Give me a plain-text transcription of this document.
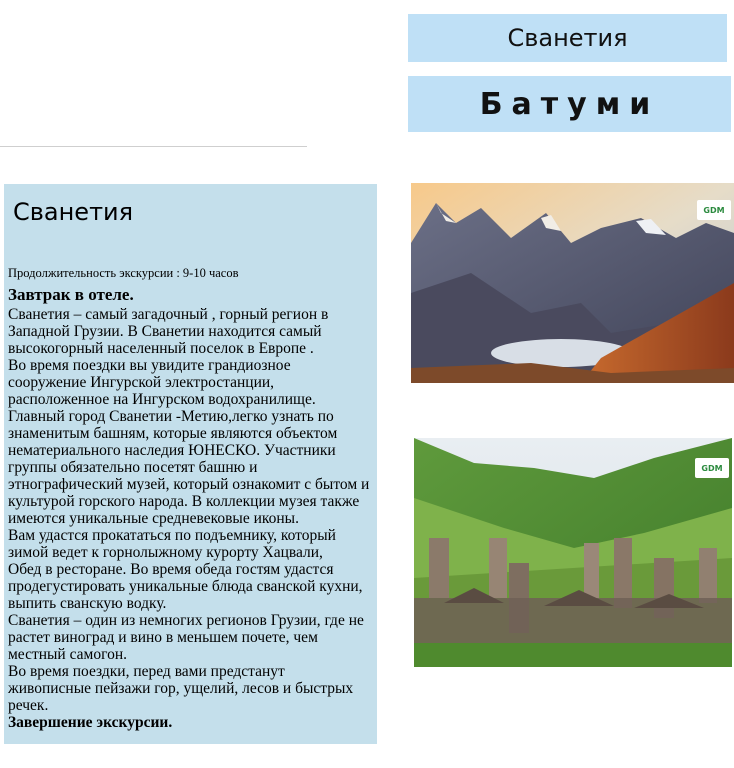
Сванетия
Батуми
Сванетия
Продолжительность экскурсии : 9-10 часов
Завтрак в отеле.
Сванетия – самый загадочный , горный регион в Западной Грузии. В Сванетии находится самый высокогорный населенный поселок в Европе .
Во время поездки вы увидите грандиозное сооружение Ингурской электростанции, расположенное на Ингурском водохранилище.
Главный город Сванетии -Метию,легко узнать по знаменитым башням, которые являются объектом нематериального наследия ЮНЕСКО. Участники группы обязательно посетят башню и этнографический музей, который ознакомит с бытом и культурой горского народа. В коллекции музея также имеются уникальные средневековые иконы.
Вам удастся прокататься по подъемнику, который зимой ведет к горнолыжному курорту Хацвали,
Обед в ресторане. Во время обеда гостям удастся продегустировать уникальные блюда сванской кухни, выпить сванскую водку.
Сванетия – один из немногих регионов Грузии, где не растет виноград и вино в меньшем почете, чем местный самогон.
Во время поездки, перед вами предстанут живописные пейзажи гор, ущелий, лесов и быстрых речек.
Завершение экскурсии.
GDM
GDM
